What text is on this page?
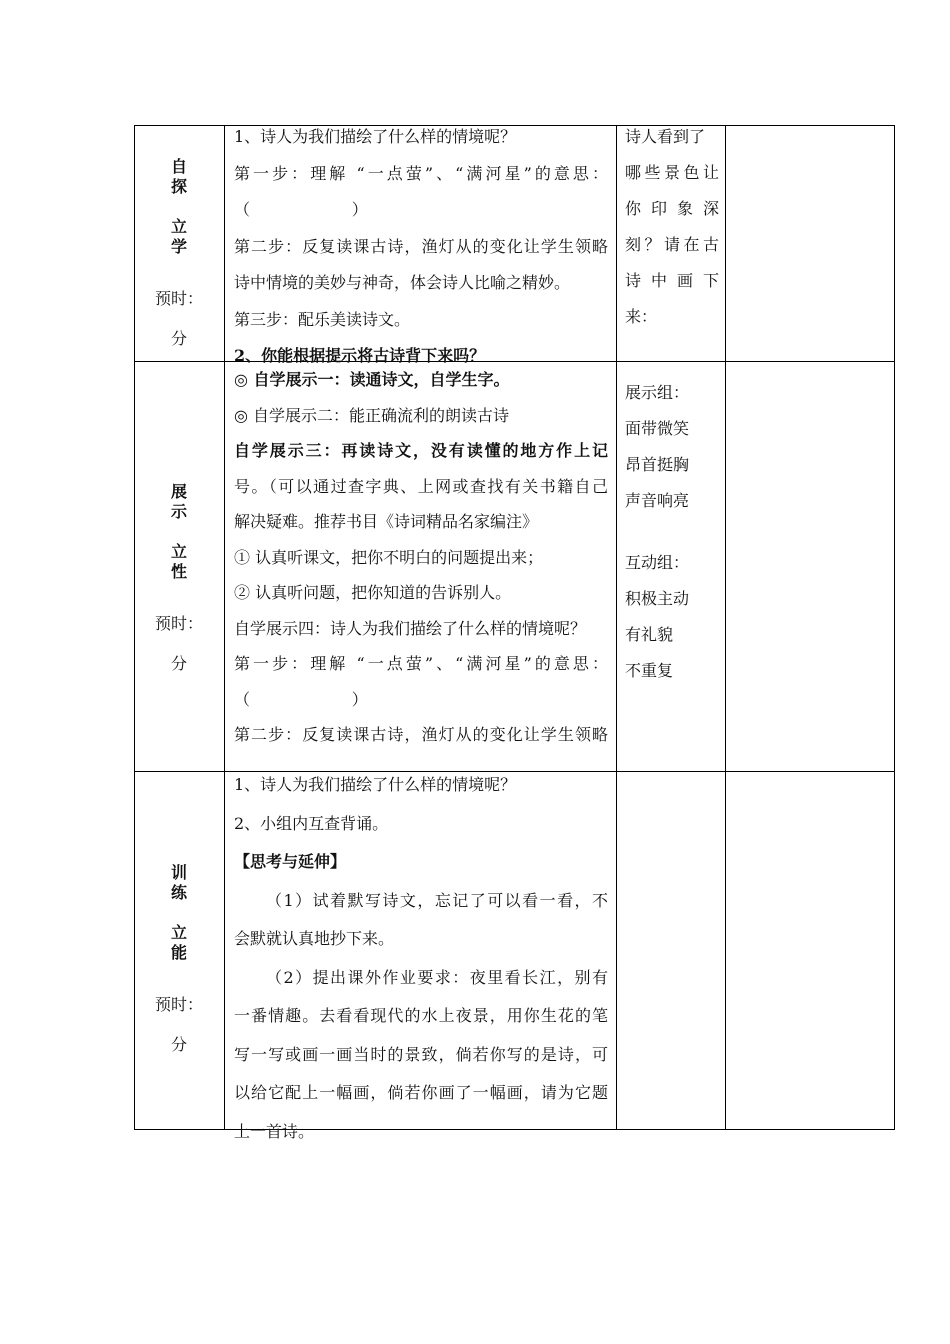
自探
立学
预时：
分
1、诗人为我们描绘了什么样的情境呢？
第一步：理解 “一点萤”、“满河星”的意思：
（                    ）
第二步：反复读课古诗，渔灯从的变化让学生领略
诗中情境的美妙与神奇，体会诗人比喻之精妙。
第三步：配乐美读诗文。
2、你能根据提示将古诗背下来吗？
诗人看到了
哪些景色让
你印象深
刻？请在古
诗中画下
来：
展示
立性
预时：
分
◎ 自学展示一：读通诗文，自学生字。
◎ 自学展示二：能正确流利的朗读古诗
自学展示三：再读诗文，没有读懂的地方作上记
号。（可以通过查字典、上网或查找有关书籍自己
解决疑难。推荐书目《诗词精品名家编注》
① 认真听课文，把你不明白的问题提出来；
② 认真听问题，把你知道的告诉别人。
自学展示四：诗人为我们描绘了什么样的情境呢？
第一步：理解 “一点萤”、“满河星”的意思：
（                    ）
第二步：反复读课古诗，渔灯从的变化让学生领略
展示组：
面带微笑
昂首挺胸
声音响亮
互动组：
积极主动
有礼貌
不重复
训练
立能
预时：
分
1、诗人为我们描绘了什么样的情境呢？
2、小组内互查背诵。
【思考与延伸】
（1）试着默写诗文，忘记了可以看一看，不
会默就认真地抄下来。
（2）提出课外作业要求：夜里看长江，别有
一番情趣。去看看现代的水上夜景，用你生花的笔
写一写或画一画当时的景致，倘若你写的是诗，可
以给它配上一幅画，倘若你画了一幅画，请为它题
上一首诗。
